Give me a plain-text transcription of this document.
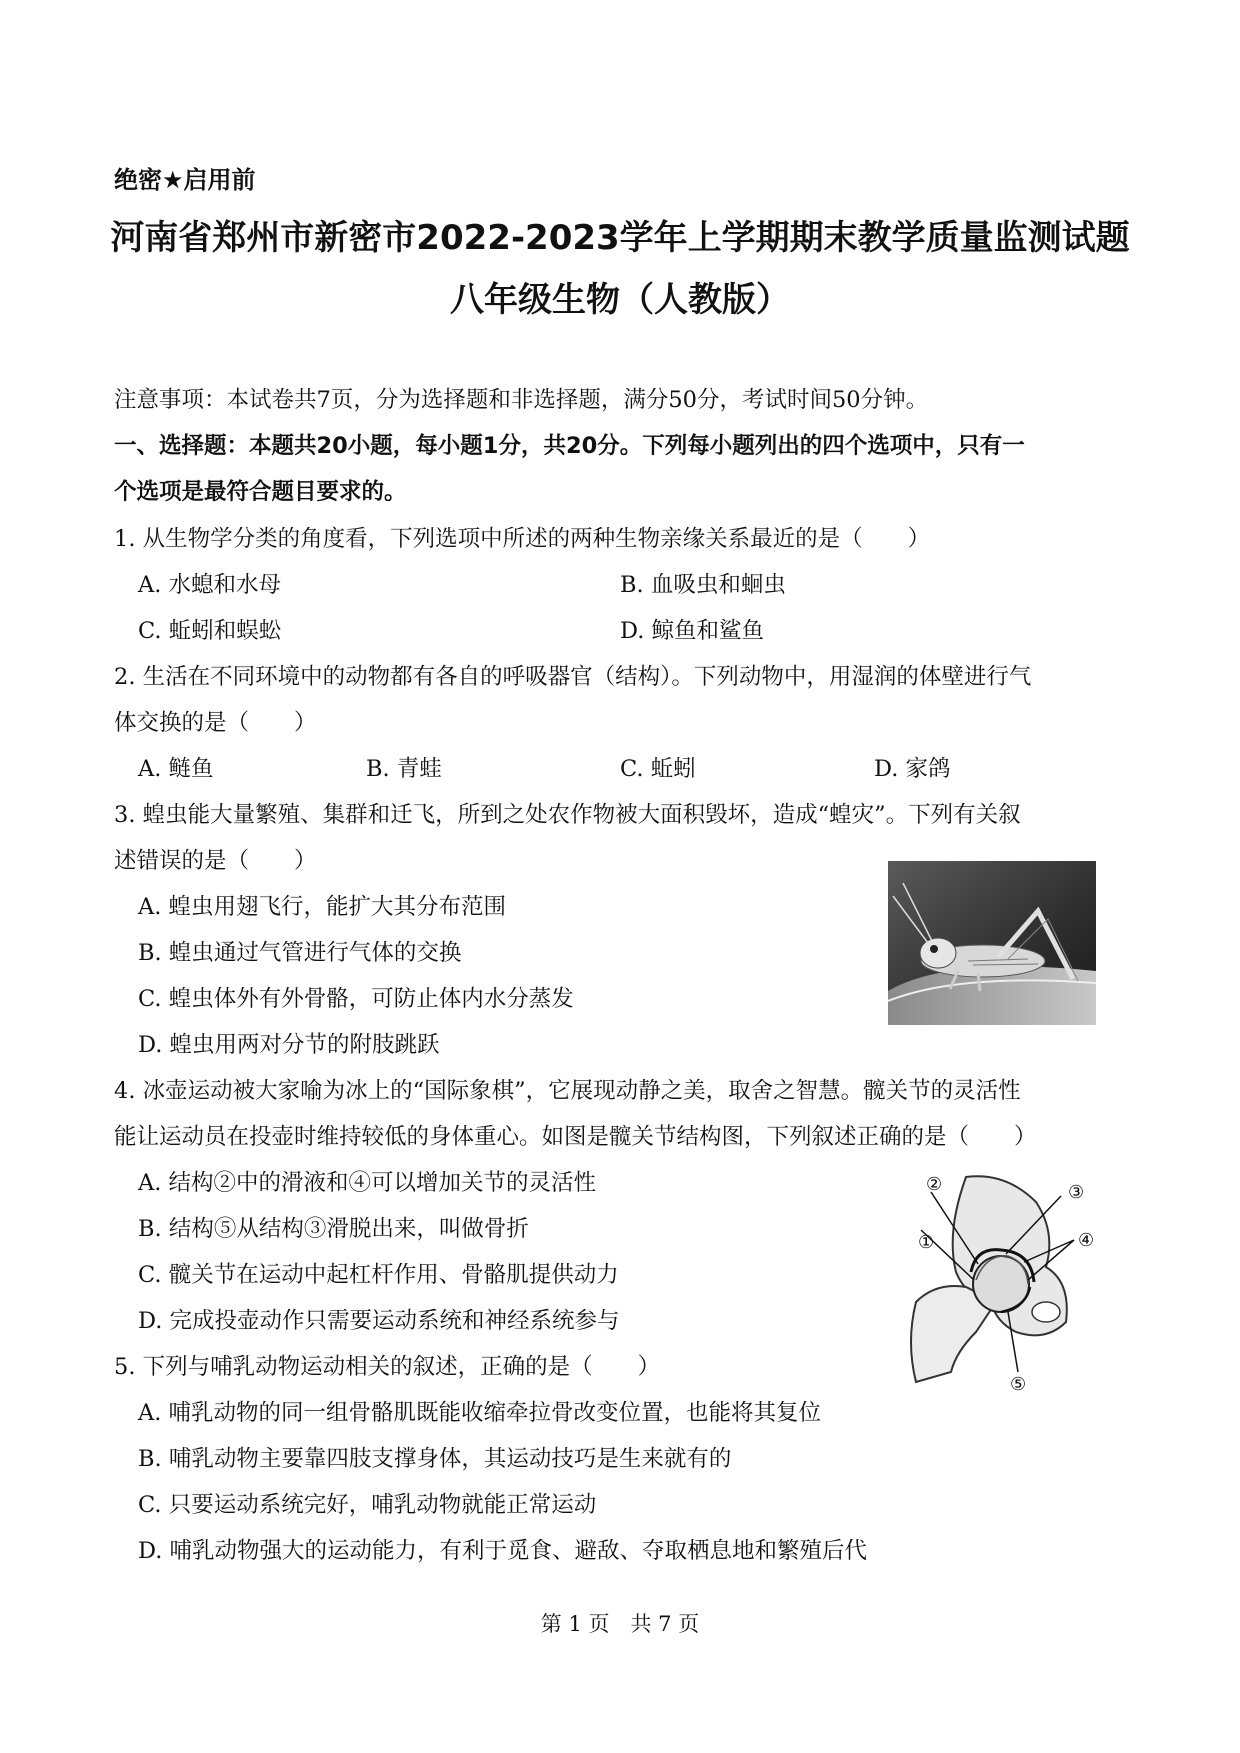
绝密★启用前
河南省郑州市新密市2022-2023学年上学期期末教学质量监测试题
八年级生物（人教版）
注意事项：本试卷共7页，分为选择题和非选择题，满分50分，考试时间50分钟。
一、选择题：本题共20小题，每小题1分，共20分。下列每小题列出的四个选项中，只有一
个选项是最符合题目要求的。
1. 从生物学分类的角度看，下列选项中所述的两种生物亲缘关系最近的是（　　）
A. 水螅和水母	B. 血吸虫和蛔虫
C. 蚯蚓和蜈蚣	D. 鲸鱼和鲨鱼
2. 生活在不同环境中的动物都有各自的呼吸器官（结构）。下列动物中，用湿润的体壁进行气
体交换的是（　　）
A. 鲢鱼	B. 青蛙	C. 蚯蚓	D. 家鸽
3. 蝗虫能大量繁殖、集群和迁飞，所到之处农作物被大面积毁坏，造成“蝗灾”。下列有关叙
述错误的是（　　）
A. 蝗虫用翅飞行，能扩大其分布范围
B. 蝗虫通过气管进行气体的交换
C. 蝗虫体外有外骨骼，可防止体内水分蒸发
D. 蝗虫用两对分节的附肢跳跃
4. 冰壶运动被大家喻为冰上的“国际象棋”，它展现动静之美，取舍之智慧。髋关节的灵活性
能让运动员在投壶时维持较低的身体重心。如图是髋关节结构图，下列叙述正确的是（　　）
A. 结构②中的滑液和④可以增加关节的灵活性
B. 结构⑤从结构③滑脱出来，叫做骨折
C. 髋关节在运动中起杠杆作用、骨骼肌提供动力
D. 完成投壶动作只需要运动系统和神经系统参与
①
②	③
④
⑤
5. 下列与哺乳动物运动相关的叙述，正确的是（　　）
A. 哺乳动物的同一组骨骼肌既能收缩牵拉骨改变位置，也能将其复位
B. 哺乳动物主要靠四肢支撑身体，其运动技巧是生来就有的
C. 只要运动系统完好，哺乳动物就能正常运动
D. 哺乳动物强大的运动能力，有利于觅食、避敌、夺取栖息地和繁殖后代
第 1 页　共 7 页
